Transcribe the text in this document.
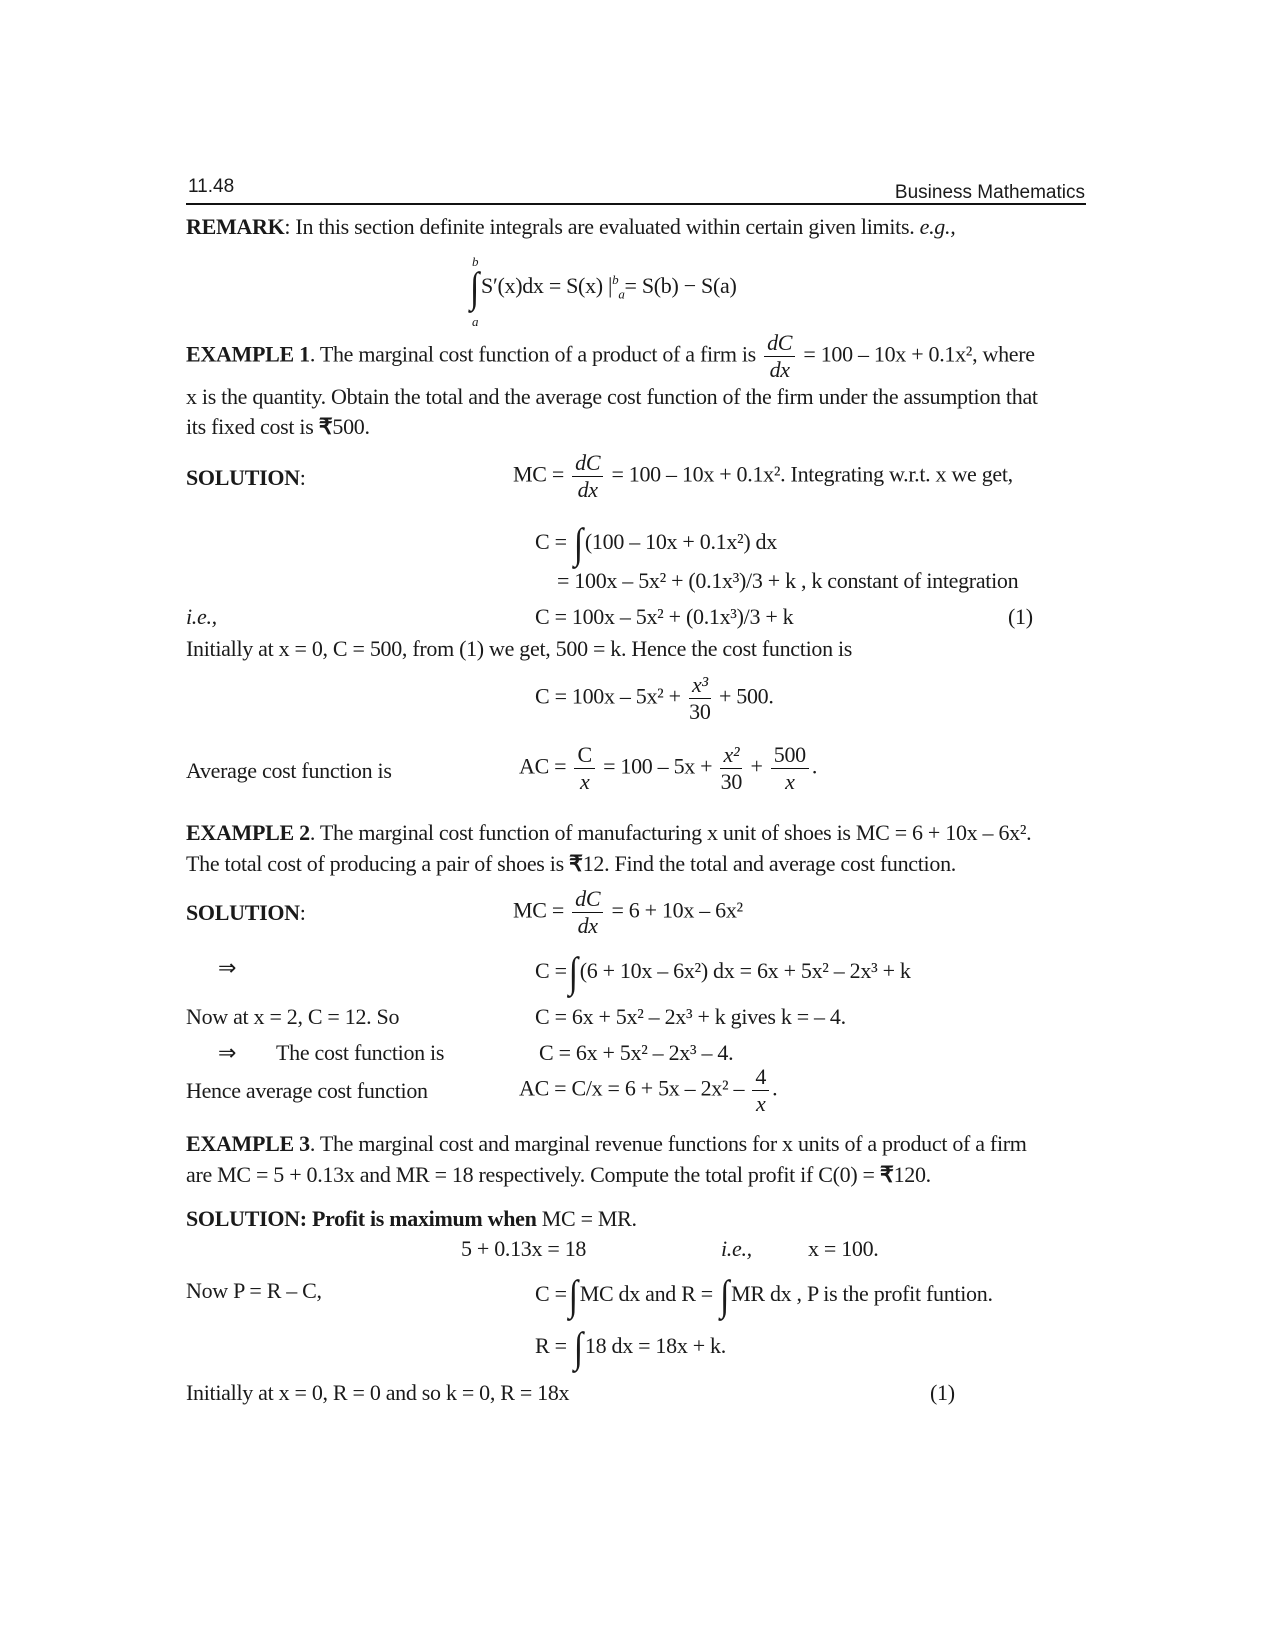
11.48	Business Mathematics
REMARK: In this section definite integrals are evaluated within certain given limits. e.g.,
b
a
∫S′(x)dx = S(x) $|^b_a= S(b) - S(a)$
EXAMPLE 1. The marginal cost function of a product of a firm is $\frac{dC}{dx} = 100 - 10x + 0.1x^2$, where
x is the quantity. Obtain the total and the average cost function of the firm under the assumption that
its fixed cost is ₹500.
SOLUTION:	MC = $\frac{dC}{dx} = 100 - 10x + 0.1x^2$. Integrating w.r.t. x we get,
C = ∫(100 – 10x + 0.1x²) dx
= 100x – 5x² + (0.1x³)/3 + k , k constant of integration
i.e.,	C = 100x – 5x² + (0.1x³)/3 + k	(1)
Initially at x = 0, C = 500, from (1) we get, 500 = k. Hence the cost function is
$C = 100x - 5x^2 + \frac{\text{x³}}{30} + 500$.
Average cost function is	AC = $\frac{C}{x} = 100 - 5x + \frac{\text{x²}}{30} + \frac{500}{x}$ .
EXAMPLE 2. The marginal cost function of manufacturing x unit of shoes is MC = 6 + 10x – 6x².
The total cost of producing a pair of shoes is ₹12. Find the total and average cost function.
SOLUTION:	MC = $\frac{dC}{dx} = 6 + 10x - 6x^2$
⇒	C =∫(6 + 10x – 6x²) dx = 6x + 5x² – 2x³ + k
Now at x = 2, C = 12. So	C = 6x + 5x² – 2x³ + k gives k = – 4.
⇒ The cost function is	C = 6x + 5x² – 2x³ – 4.
Hence average cost function	AC = $C/x = 6 + 5x - 2x^2 - \frac{4}{x}$ .
EXAMPLE 3. The marginal cost and marginal revenue functions for x units of a product of a firm
are MC = 5 + 0.13x and MR = 18 respectively. Compute the total profit if C(0) = ₹120.
SOLUTION: Profit is maximum when MC = MR.
5 + 0.13x = 18	i.e.,	x = 100.
Now P = R – C,	C =∫MC dx and R = ∫MR dx , P is the profit funtion.
R = ∫18 dx = 18x + k.
Initially at x = 0, R = 0 and so k = 0, R = 18x	(1)
